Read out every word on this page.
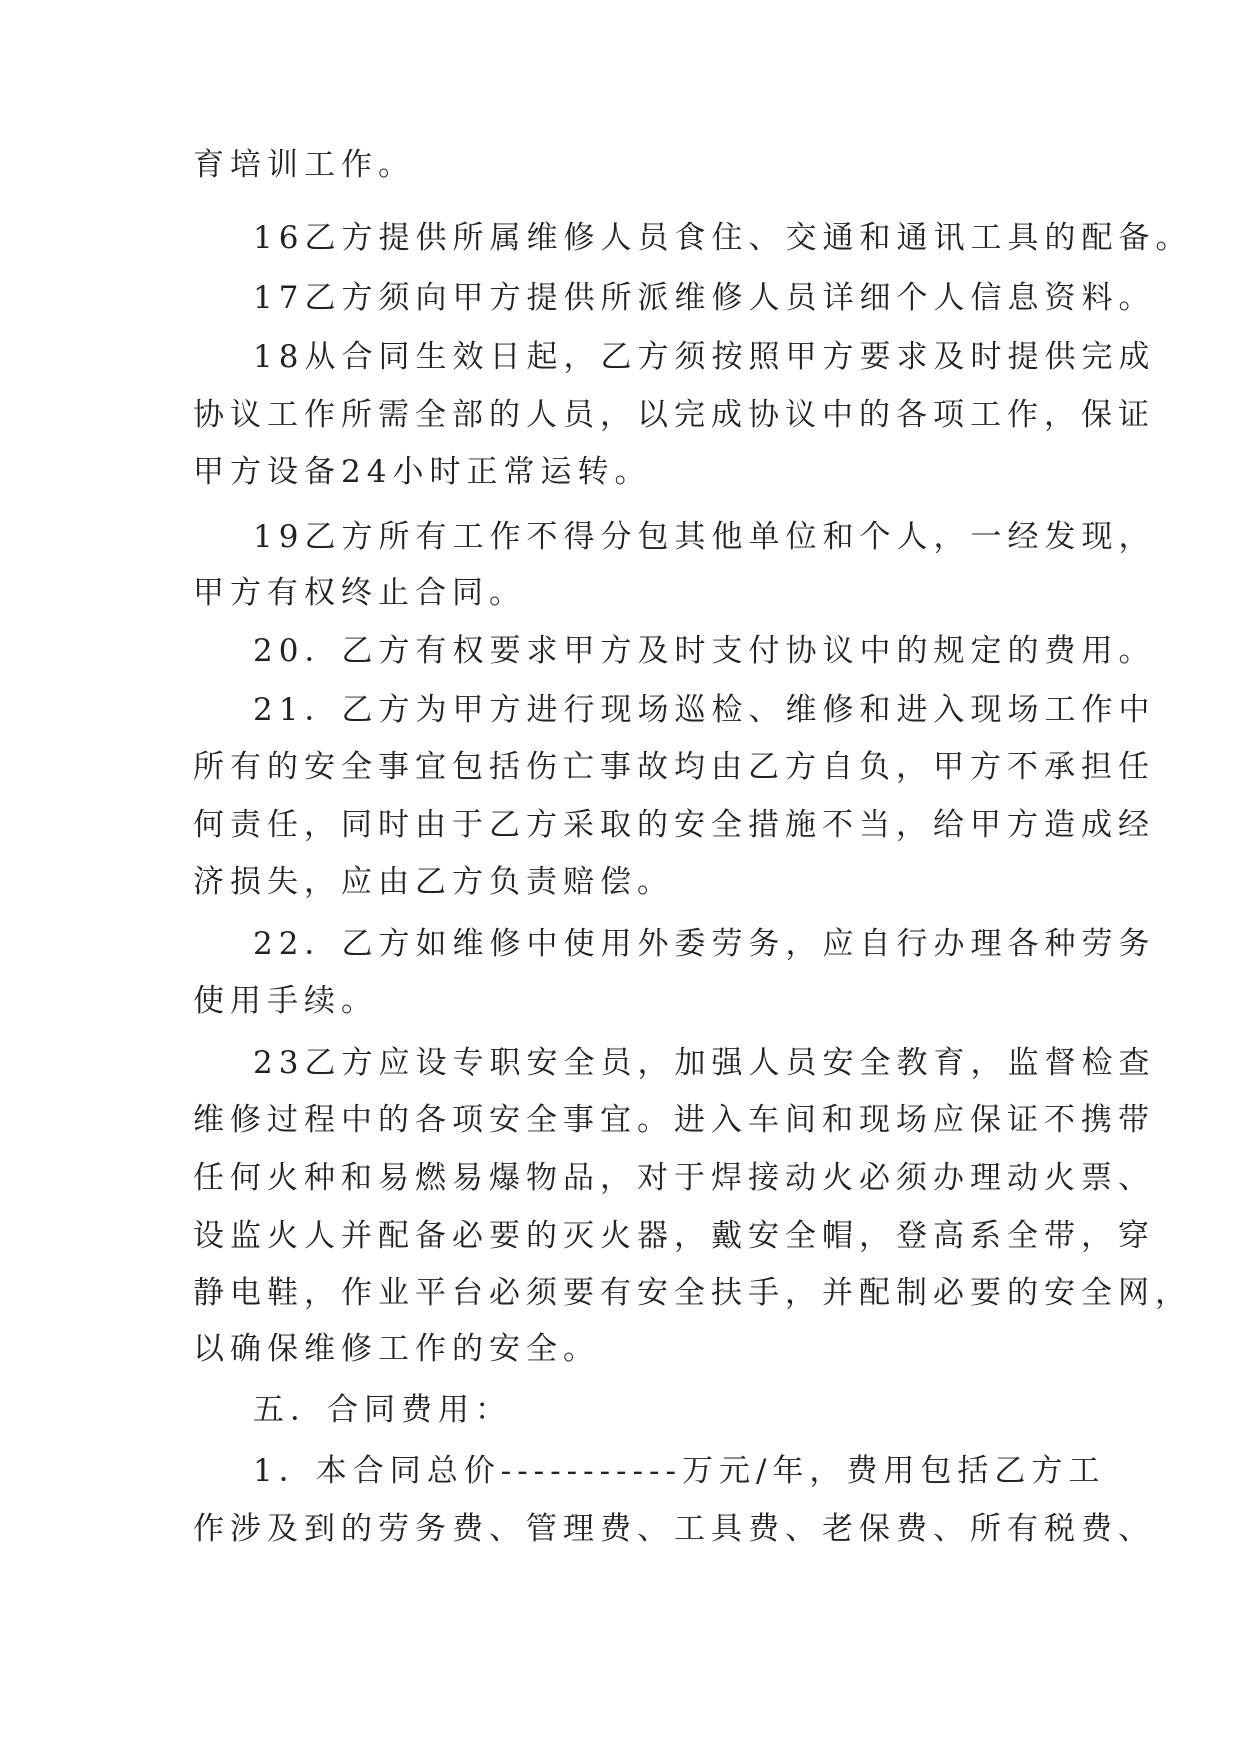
育培训工作。
16乙方提供所属维修人员食住、交通和通讯工具的配备。
17乙方须向甲方提供所派维修人员详细个人信息资料。
18从合同生效日起，乙方须按照甲方要求及时提供完成
协议工作所需全部的人员，以完成协议中的各项工作，保证
甲方设备24小时正常运转。
19乙方所有工作不得分包其他单位和个人，一经发现，
甲方有权终止合同。
20．乙方有权要求甲方及时支付协议中的规定的费用。
21．乙方为甲方进行现场巡检、维修和进入现场工作中
所有的安全事宜包括伤亡事故均由乙方自负，甲方不承担任
何责任，同时由于乙方采取的安全措施不当，给甲方造成经
济损失，应由乙方负责赔偿。
22．乙方如维修中使用外委劳务，应自行办理各种劳务
使用手续。
23乙方应设专职安全员，加强人员安全教育，监督检查
维修过程中的各项安全事宜。进入车间和现场应保证不携带
任何火种和易燃易爆物品，对于焊接动火必须办理动火票、
设监火人并配备必要的灭火器，戴安全帽，登高系全带，穿
静电鞋，作业平台必须要有安全扶手，并配制必要的安全网，
以确保维修工作的安全。
五．合同费用：
1．本合同总价-----------万元/年，费用包括乙方工
作涉及到的劳务费、管理费、工具费、老保费、所有税费、
